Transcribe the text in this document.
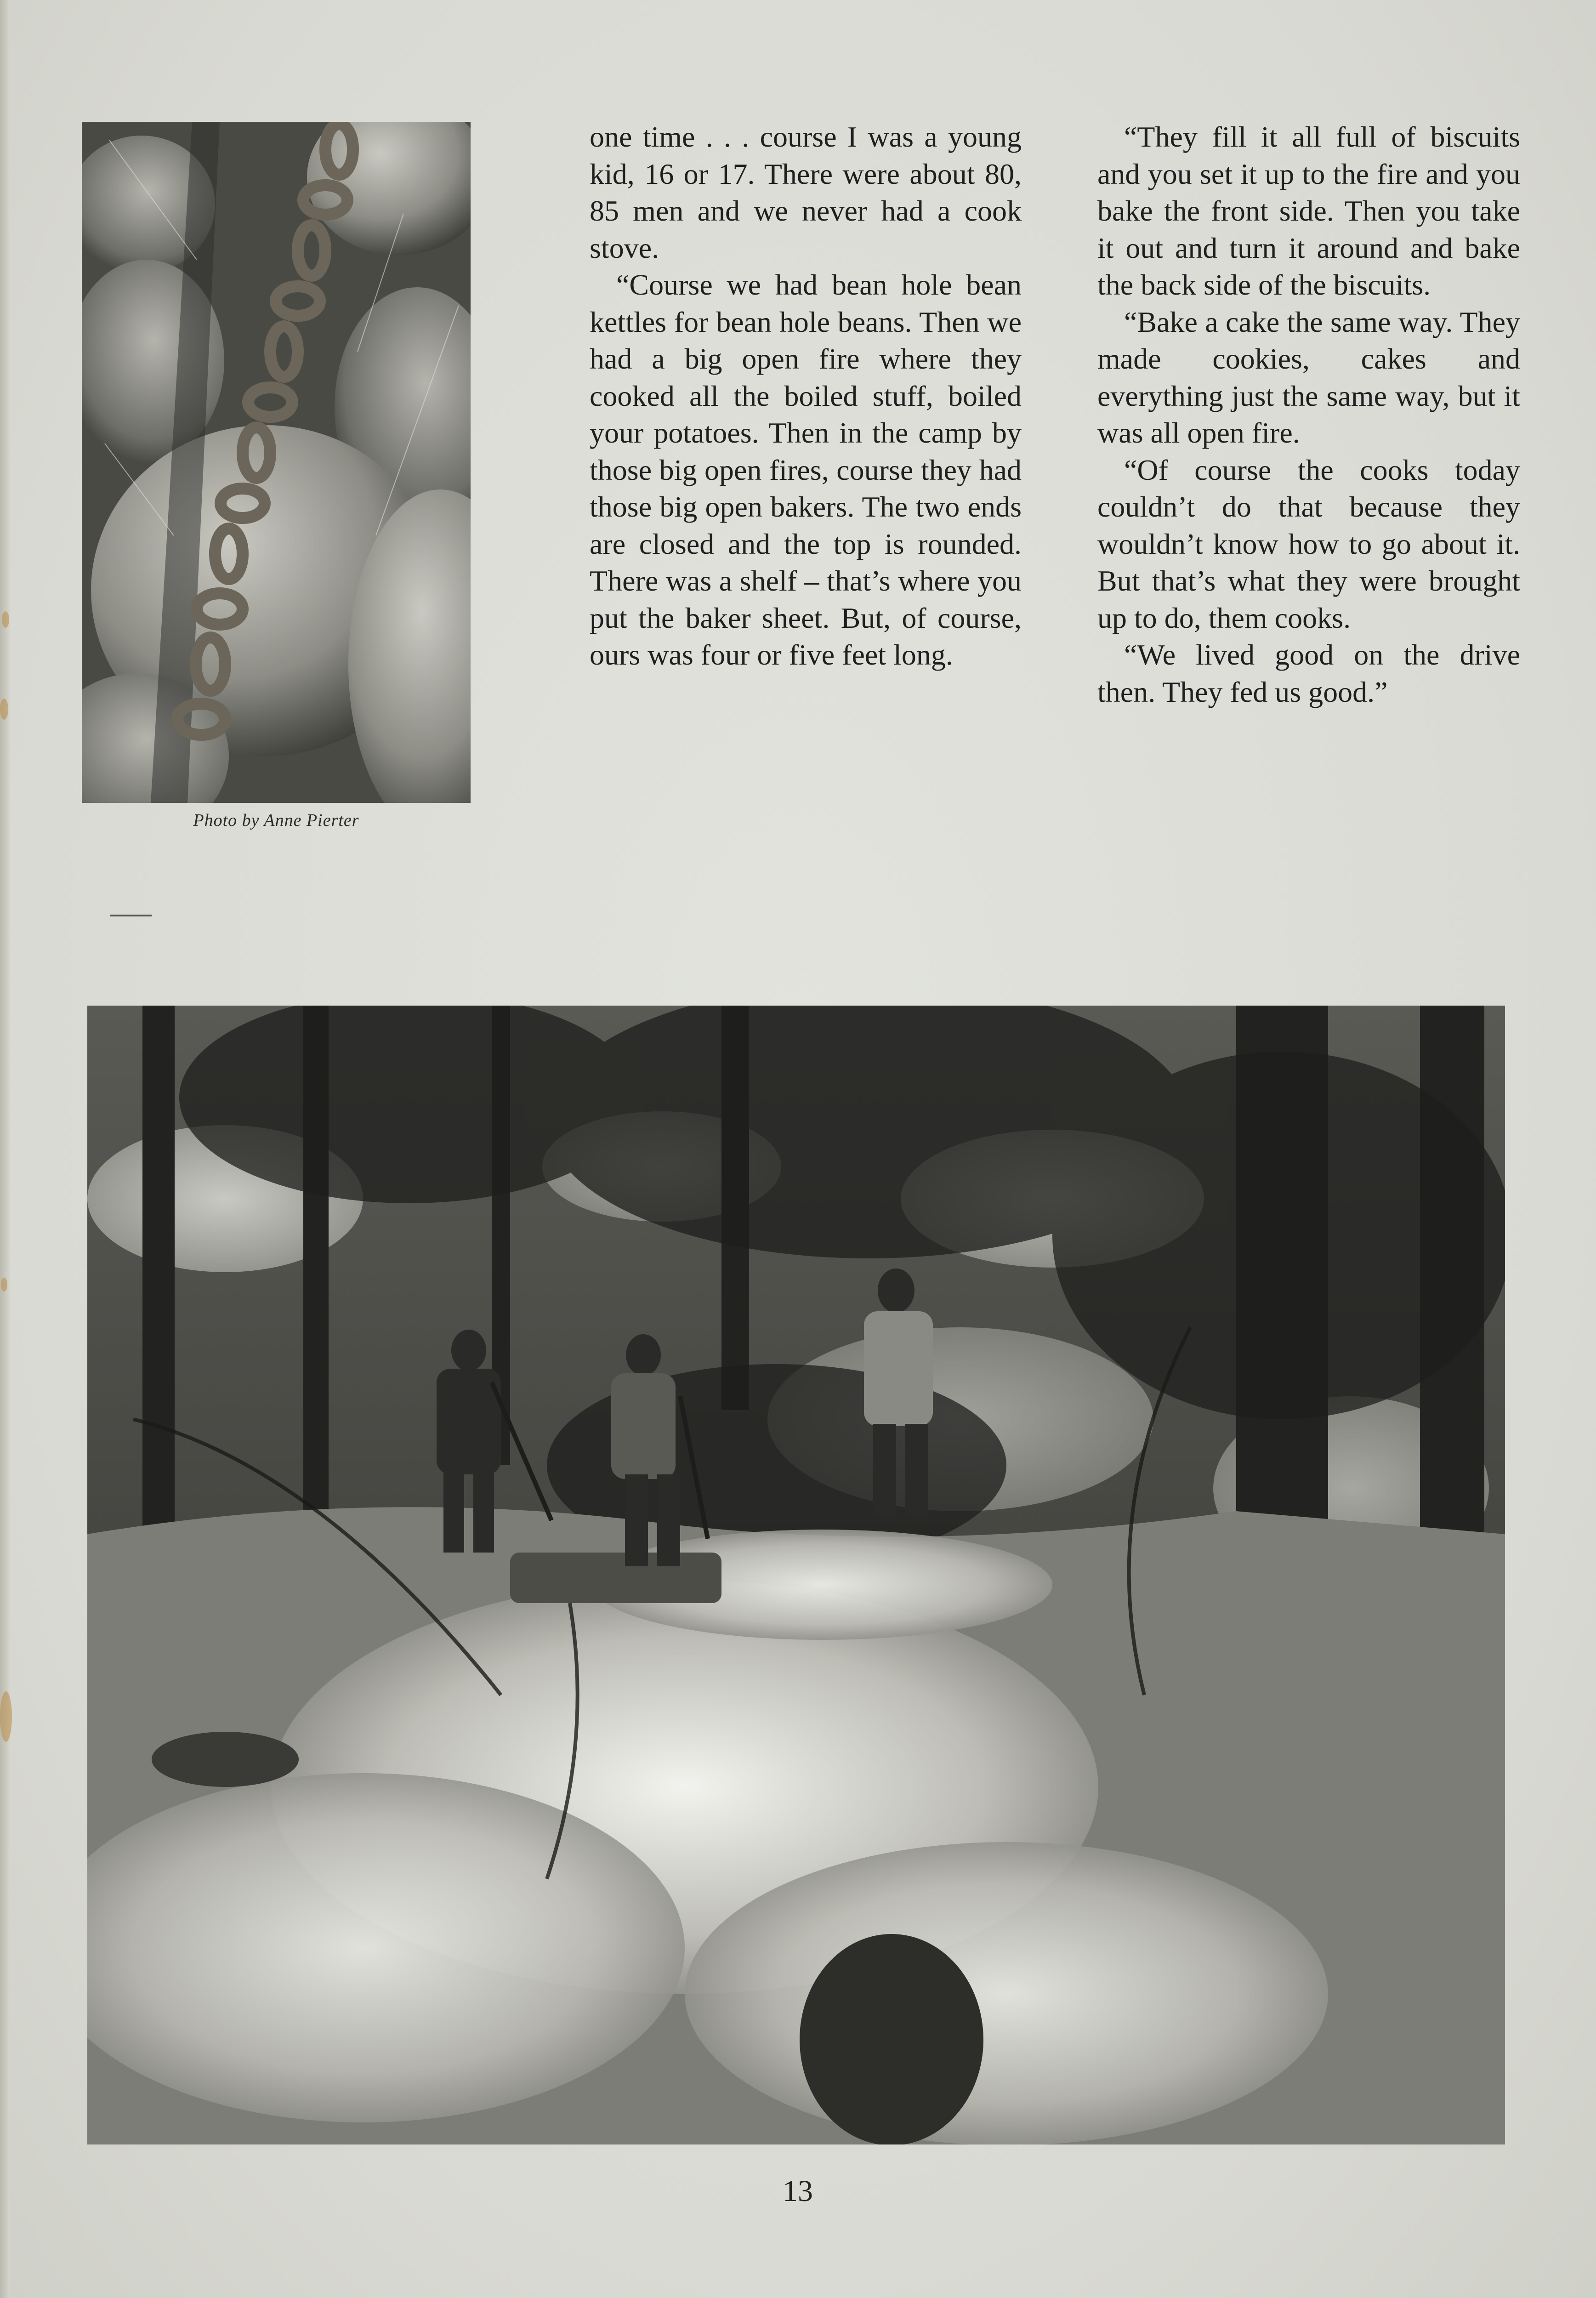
Photo by Anne Pierter

one time . . . course I was a young kid, 16 or 17. There were about 80, 85 men and we never had a cook stove.

“Course we had bean hole bean kettles for bean hole beans. Then we had a big open fire where they cooked all the boiled stuff, boiled your potatoes. Then in the camp by those big open fires, course they had those big open bakers. The two ends are closed and the top is rounded. There was a shelf – that’s where you put the baker sheet. But, of course, ours was four or five feet long.

“They fill it all full of biscuits and you set it up to the fire and you bake the front side. Then you take it out and turn it around and bake the back side of the biscuits.

“Bake a cake the same way. They made cookies, cakes and everything just the same way, but it was all open fire.

“Of course the cooks today couldn’t do that because they wouldn’t know how to go about it. But that’s what they were brought up to do, them cooks.

“We lived good on the drive then. They fed us good.”

13
